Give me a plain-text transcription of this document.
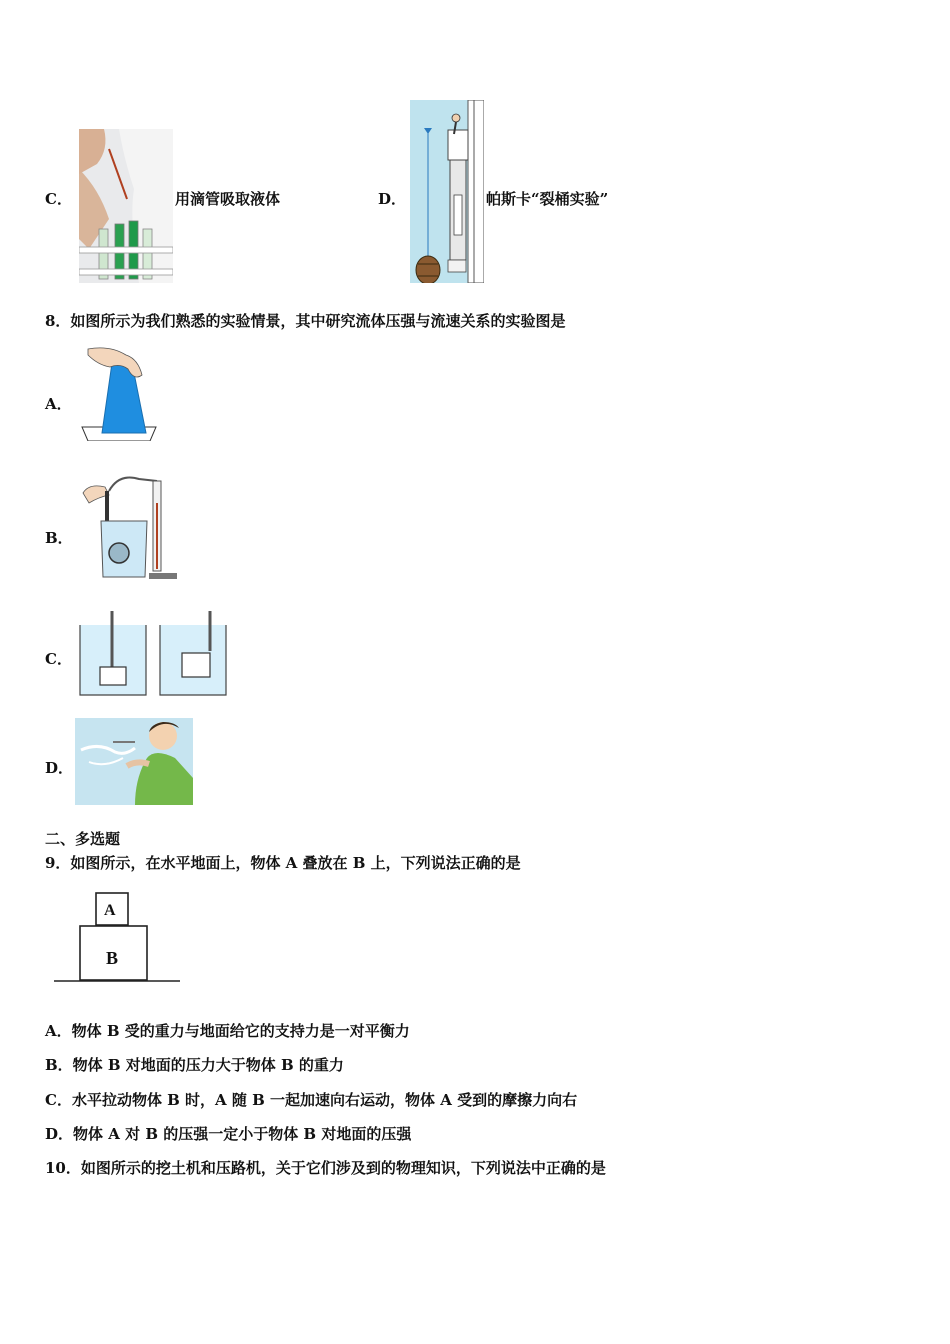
C．	用滴管吸取液体	D．	帕斯卡“裂桶实验”
8．如图所示为我们熟悉的实验情景，其中研究流体压强与流速关系的实验图是
A．
B．
C．
D．
二、多选题
9．如图所示，在水平地面上，物体 A 叠放在 B 上，下列说法正确的是
A
B
A．物体 B 受的重力与地面给它的支持力是一对平衡力
B．物体 B 对地面的压力大于物体 B 的重力
C．水平拉动物体 B 时，A 随 B 一起加速向右运动，物体 A 受到的摩擦力向右
D．物体 A 对 B 的压强一定小于物体 B 对地面的压强
10．如图所示的挖土机和压路机，关于它们涉及到的物理知识，下列说法中正确的是
